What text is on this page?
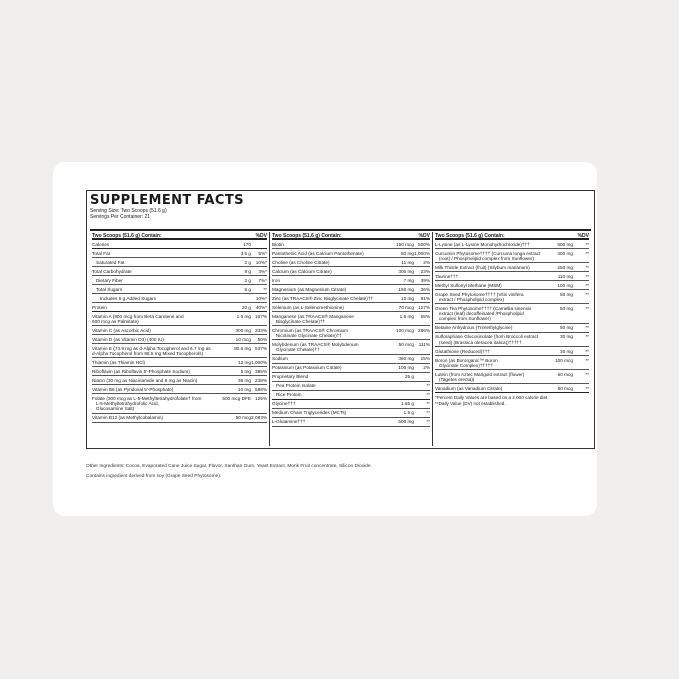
SUPPLEMENT FACTS
Serving Size: Two Scoops (51.6 g)
Servings Per Container: 21
Two Scoops (51.6 g) Contain:	%DV
Calories	170
Total Fat	3.5 g	5%*
Saturated Fat	2 g	10%*
Total Carbohydrate	9 g	3%*
Dietary Fiber	2 g	7%*
Total Sugars	5 g	**
Includes 5 g Added Sugars	10%*
Protein	20 g	40%*
Vitamin A (900 mcg from Beta Carotene and
600 mcg as Palmitate)
1.5 mg 167%
Vitamin C (as Ascorbic Acid)	300 mg 333%
Vitamin D (as Vitamin D3) (400 IU)	10 mcg	50%
Vitamin E (73.9 mg as d-Alpha Tocopherol and 6.7 mg as
d-Alpha Tocopherol from 98.5 mg Mixed Tocopherols)
80.6 mg 537%
Thiamin (as Thiamin HCl)	12 mg 1,000%
Riboflavin (as Riboflavin 5'-Phosphate Sodium)	5 mg 385%
Niacin (30 mg as Niacinamide and 8 mg as Niacin)	38 mg 238%
Vitamin B6 (as Pyridoxal 5'-Phosphate)	10 mg 588%
Folate (300 mcg as L-5-Methyltetrahydrofolate† from
L-5-Methyltetrahydrofolic Acid,
Glucosamine Salt)
500 mcg DFE 125%
Vitamin B12 (as Methylcobalamin)	50 mcg 2,083%
Two Scoops (51.6 g) Contain:	%DV
Biotin	150 mcg 500%
Pantothenic Acid (as Calcium Pantothenate)	50 mg 1,000%
Choline (as Choline Citrate)	11 mg	2%
Calcium (as Calcium Citrate)	300 mg	23%
Iron	7 mg	39%
Magnesium (as Magnesium Citrate)	150 mg	36%
Zinc (as TRAACS® Zinc Bisglycinate Chelate)††	10 mg	91%
Selenium (as L-Selenomethionine)	70 mcg 127%
Manganese (as TRAACS® Manganese
Bisglycinate Chelate)††
1.5 mg	65%
Chromium (as TRAACS® Chromium
Nicotinate Glycinate Chelate)††
100 mcg 286%
Molybdenum (as TRAACS® Molybdenum
Glycinate Chelate)††
50 mcg	111%
Sodium	360 mg	15%
Potassium (as Potassium Citrate)	100 mg	2%
Proprietary Blend	25 g
Pea Protein Isolate	**
Rice Protein	**
Glycine†††	1.65 g	**
Medium Chain Triglycerides (MCTs)	1.5 g	**
L-Glutamine†††	500 mg	**
Two Scoops (51.6 g) Contain:	%DV
L-Lysine (as L-Lysine Monohydrochloride)†††	500 mg	**
Curcumin Phytosome†††† (Curcuma longa extract
(root) / Phospholipid complex from Sunflower)
400 mg	**
Milk Thistle Extract (fruit) (Silybum marianum)	250 mg	**
Taurine†††	110 mg	**
Methyl Sulfonyl Methane (MSM)	100 mg	**
Grape Seed Phytosome†††† (Vitis vinifera
extract / Phospholipid complex)
50 mg	**
Green Tea Phytosome†††† (Camellia sinensis
extract (leaf) decaffeinated /Phospholipid
complex from Sunflower)
50 mg	**
Betaine Anhydrous (Trimethylglycine)	50 mg	**
Sulforaphane Glucosinolate (from Broccoli extract
(seed) (Brassica oleracea italica))†††††
30 mg	**
Glutathione (Reduced)†††	30 mg	**
Boron (as Bororganic™ Boron
Glycinate Complex)†††††
100 mcg	**
Lutein (from Aztec Marigold extract (flower)
(Tagetes erecta))
60 mcg	**
Vanadium (as Vanadium Citrate)	50 mcg	**
*Percent Daily Values are based on a 2,000 calorie diet.
**Daily Value (DV) not established.
Other Ingredients: Cocoa, Evaporated Cane Juice Sugar, Flavor, Xanthan Gum, Yeast Extract, Monk Fruit concentrate, Silicon Dioxide.
Contains ingredient derived from soy (Grape Seed Phytosome).
